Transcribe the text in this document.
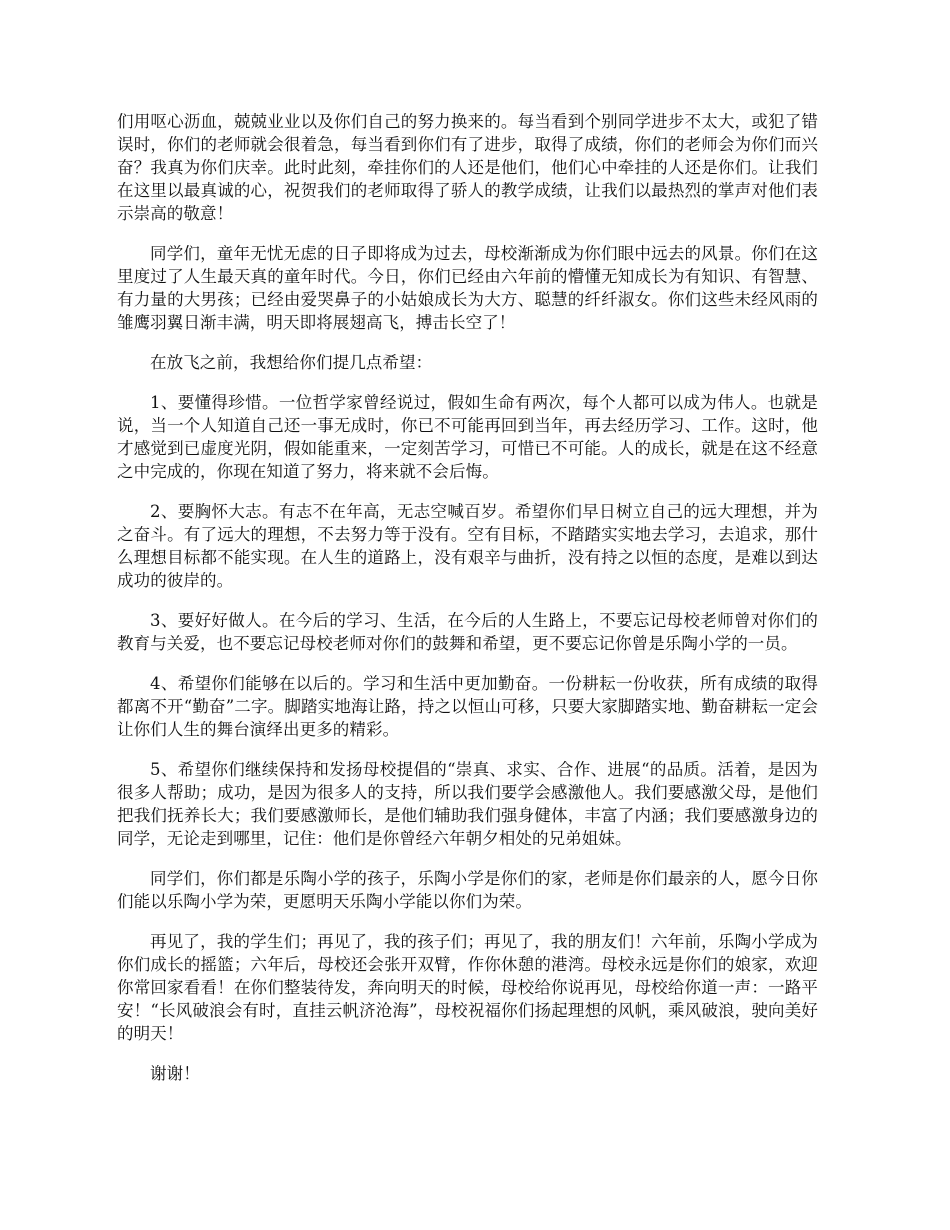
们用呕心沥血，兢兢业业以及你们自己的努力换来的。每当看到个别同学进步不太大，或犯了错误时，你们的老师就会很着急，每当看到你们有了进步，取得了成绩，你们的老师会为你们而兴奋？我真为你们庆幸。此时此刻，牵挂你们的人还是他们，他们心中牵挂的人还是你们。让我们在这里以最真诚的心，祝贺我们的老师取得了骄人的教学成绩，让我们以最热烈的掌声对他们表示崇高的敬意！

同学们，童年无忧无虑的日子即将成为过去，母校渐渐成为你们眼中远去的风景。你们在这里度过了人生最天真的童年时代。今日，你们已经由六年前的懵懂无知成长为有知识、有智慧、有力量的大男孩；已经由爱哭鼻子的小姑娘成长为大方、聪慧的纤纤淑女。你们这些未经风雨的雏鹰羽翼日渐丰满，明天即将展翅高飞，搏击长空了！

在放飞之前，我想给你们提几点希望：

1、要懂得珍惜。一位哲学家曾经说过，假如生命有两次，每个人都可以成为伟人。也就是说，当一个人知道自己还一事无成时，你已不可能再回到当年，再去经历学习、工作。这时，他才感觉到已虚度光阴，假如能重来，一定刻苦学习，可惜已不可能。人的成长，就是在这不经意之中完成的，你现在知道了努力，将来就不会后悔。

2、要胸怀大志。有志不在年高，无志空喊百岁。希望你们早日树立自己的远大理想，并为之奋斗。有了远大的理想，不去努力等于没有。空有目标，不踏踏实实地去学习，去追求，那什么理想目标都不能实现。在人生的道路上，没有艰辛与曲折，没有持之以恒的态度，是难以到达成功的彼岸的。

3、要好好做人。在今后的学习、生活，在今后的人生路上，不要忘记母校老师曾对你们的教育与关爱，也不要忘记母校老师对你们的鼓舞和希望，更不要忘记你曾是乐陶小学的一员。

4、希望你们能够在以后的。学习和生活中更加勤奋。一份耕耘一份收获，所有成绩的取得都离不开“勤奋”二字。脚踏实地海让路，持之以恒山可移，只要大家脚踏实地、勤奋耕耘一定会让你们人生的舞台演绎出更多的精彩。

5、希望你们继续保持和发扬母校提倡的“崇真、求实、合作、进展“的品质。活着，是因为很多人帮助；成功，是因为很多人的支持，所以我们要学会感激他人。我们要感激父母，是他们把我们抚养长大；我们要感激师长，是他们辅助我们强身健体，丰富了内涵；我们要感激身边的同学，无论走到哪里，记住：他们是你曾经六年朝夕相处的兄弟姐妹。

同学们，你们都是乐陶小学的孩子，乐陶小学是你们的家，老师是你们最亲的人，愿今日你们能以乐陶小学为荣，更愿明天乐陶小学能以你们为荣。

再见了，我的学生们；再见了，我的孩子们；再见了，我的朋友们！六年前，乐陶小学成为你们成长的摇篮；六年后，母校还会张开双臂，作你休憩的港湾。母校永远是你们的娘家，欢迎你常回家看看！在你们整装待发，奔向明天的时候，母校给你说再见，母校给你道一声：一路平安！“长风破浪会有时，直挂云帆济沧海”，母校祝福你们扬起理想的风帆，乘风破浪，驶向美好的明天！

谢谢！
